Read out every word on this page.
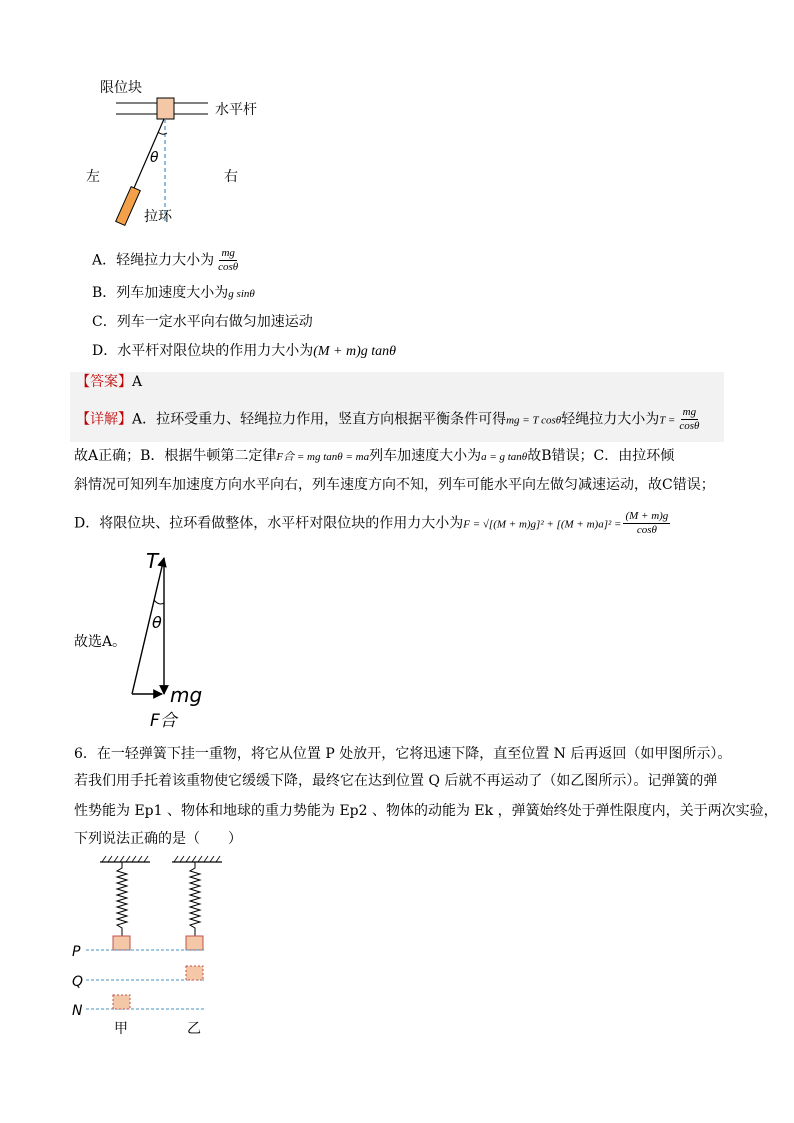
限位块
θ
水平杆
左	右
拉环
A．轻绳拉力大小为 $\frac{mg}{\cos\theta}$
B．列车加速度大小为g sinθ
C．列车一定水平向右做匀加速运动
D．水平杆对限位块的作用力大小为(M + m)g tanθ
【答案】A
【详解】A．拉环受重力、轻绳拉力作用，竖直方向根据平衡条件可得mg = T cosθ轻绳拉力大小为$T = \frac{mg}{\cos\theta}$
故A正确；B．根据牛顿第二定律F合 = mg tanθ = ma列车加速度大小为a = g tanθ故B错误；C．由拉环倾
斜情况可知列车加速度方向水平向右，列车速度方向不知，列车可能水平向左做匀减速运动，故C错误；
D．将限位块、拉环看做整体，水平杆对限位块的作用力大小为$F = √[(M + m)g]^2 + [(M + m)a]^2 = \frac{(M + m)g}{\cos\theta}$
T
θ
mg
F合
故选A。
6．在一轻弹簧下挂一重物，将它从位置 P 处放开，它将迅速下降，直至位置 N 后再返回（如甲图所示）。
若我们用手托着该重物使它缓缓下降，最终它在达到位置 Q 后就不再运动了（如乙图所示）。记弹簧的弹
性势能为 Ep1 、物体和地球的重力势能为 Ep2 、物体的动能为 Ek ，弹簧始终处于弹性限度内，关于两次实验，
下列说法正确的是（　　）
P
Q
N
甲	乙
